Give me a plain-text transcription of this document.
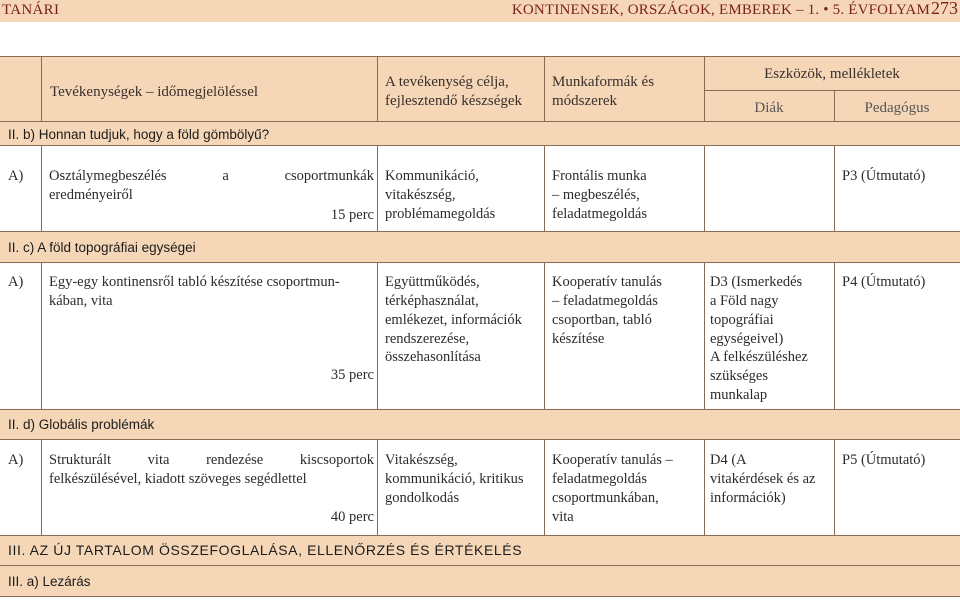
TANÁRI	KONTINENSEK, ORSZÁGOK, EMBEREK – 1. • 5. ÉVFOLYAM 273
Tevékenységek – időmegjelöléssel
A tevékenység célja,
fejlesztendő készségek
Munkaformák és
módszerek
Eszközök, mellékletek
Diák	Pedagógus
II. b) Honnan tudjuk, hogy a föld gömbölyű?
II. c) A föld topográfiai egységei
II. d) Globális problémák
III. AZ ÚJ TARTALOM ÖSSZEFOGLALÁSA, ELLENŐRZÉS ÉS ÉRTÉKELÉS
III. a) Lezárás
A) Osztálymegbeszélés a csoportmunkák
eredményeiről
15 perc
Kommunikáció,
vitakészség,
problémamegoldás
Frontális munka
– megbeszélés,
feladatmegoldás
P3 (Útmutató)
A) Egy-egy kontinensről tabló készítése csoportmun-
kában, vita
35 perc
Együttműködés,
térképhasználat,
emlékezet, információk
rendszerezése,
összehasonlítása
Kooperatív tanulás
– feladatmegoldás
csoportban, tabló
készítése
D3 (Ismerkedés
a Föld nagy
topográfiai
egységeivel)
A felkészüléshez
szükséges
munkalap
P4 (Útmutató)
A) Strukturált vita rendezése kiscsoportok
felkészülésével, kiadott szöveges segédlettel
40 perc
Vitakészség,
kommunikáció, kritikus
gondolkodás
Kooperatív tanulás –
feladatmegoldás
csoportmunkában,
vita
D4 (A
vitakérdések és az
információk)
P5 (Útmutató)
